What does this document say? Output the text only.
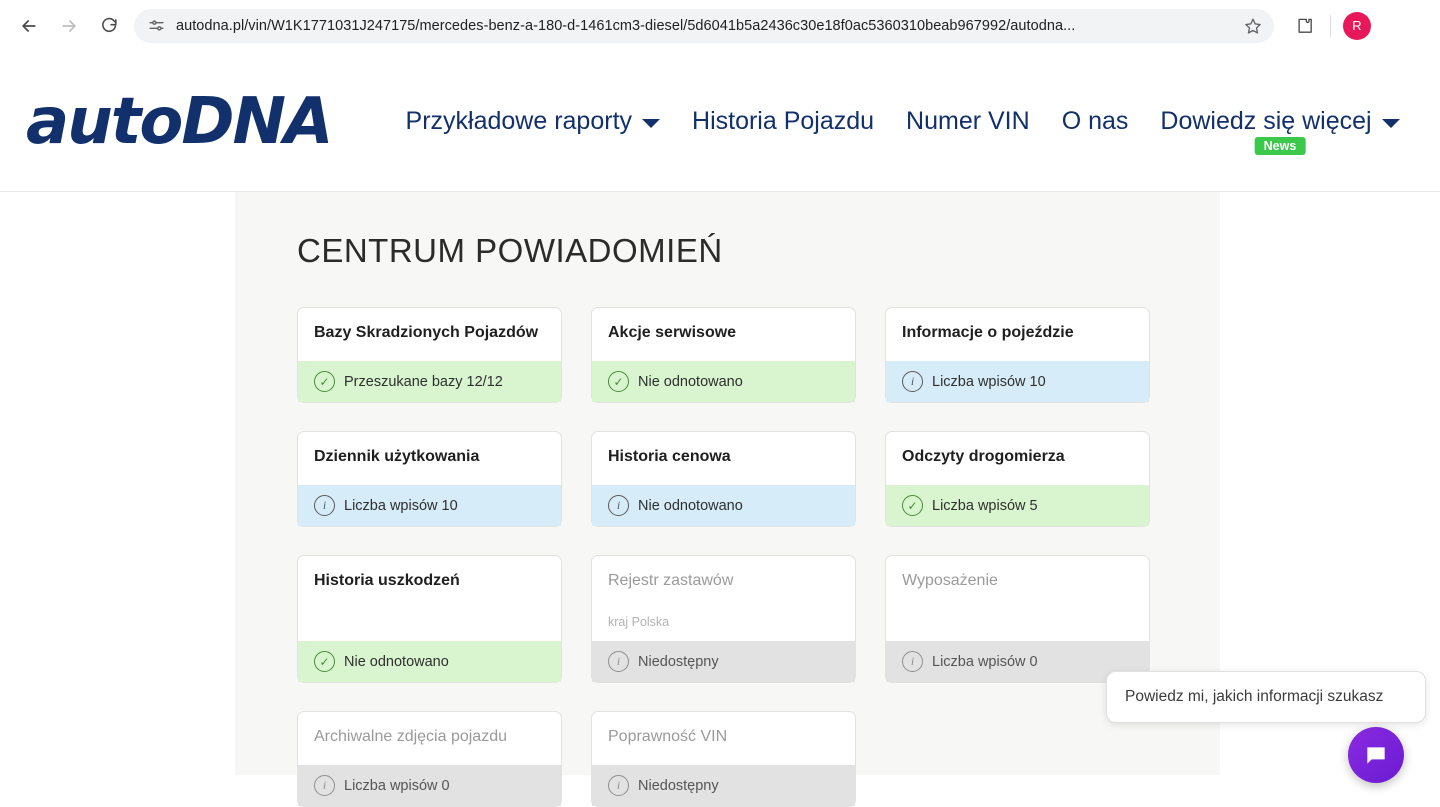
autodna.pl/vin/W1K1771031J247175/mercedes-benz-a-180-d-1461cm3-diesel/5d6041b5a2436c30e18f0ac5360310beab967992/autodna...	R
autoDNA	Przykładowe raporty Historia Pojazdu Numer VIN O nas Dowiedz się więcej
News
CENTRUM POWIADOMIEŃ
Bazy Skradzionych Pojazdów
✓ Przeszukane bazy 12/12
Akcje serwisowe
✓ Nie odnotowano
Informacje o pojeździe
i	Liczba wpisów 10
Dziennik użytkowania
i	Liczba wpisów 10
Historia cenowa
i	Nie odnotowano
Odczyty drogomierza
✓ Liczba wpisów 5
Historia uszkodzeń
✓ Nie odnotowano
Rejestr zastawów
kraj Polska
i	Niedostępny
Wyposażenie
i	Liczba wpisów 0
Archiwalne zdjęcia pojazdu
i	Liczba wpisów 0
Poprawność VIN
i	Niedostępny
Powiedz mi, jakich informacji szukasz
